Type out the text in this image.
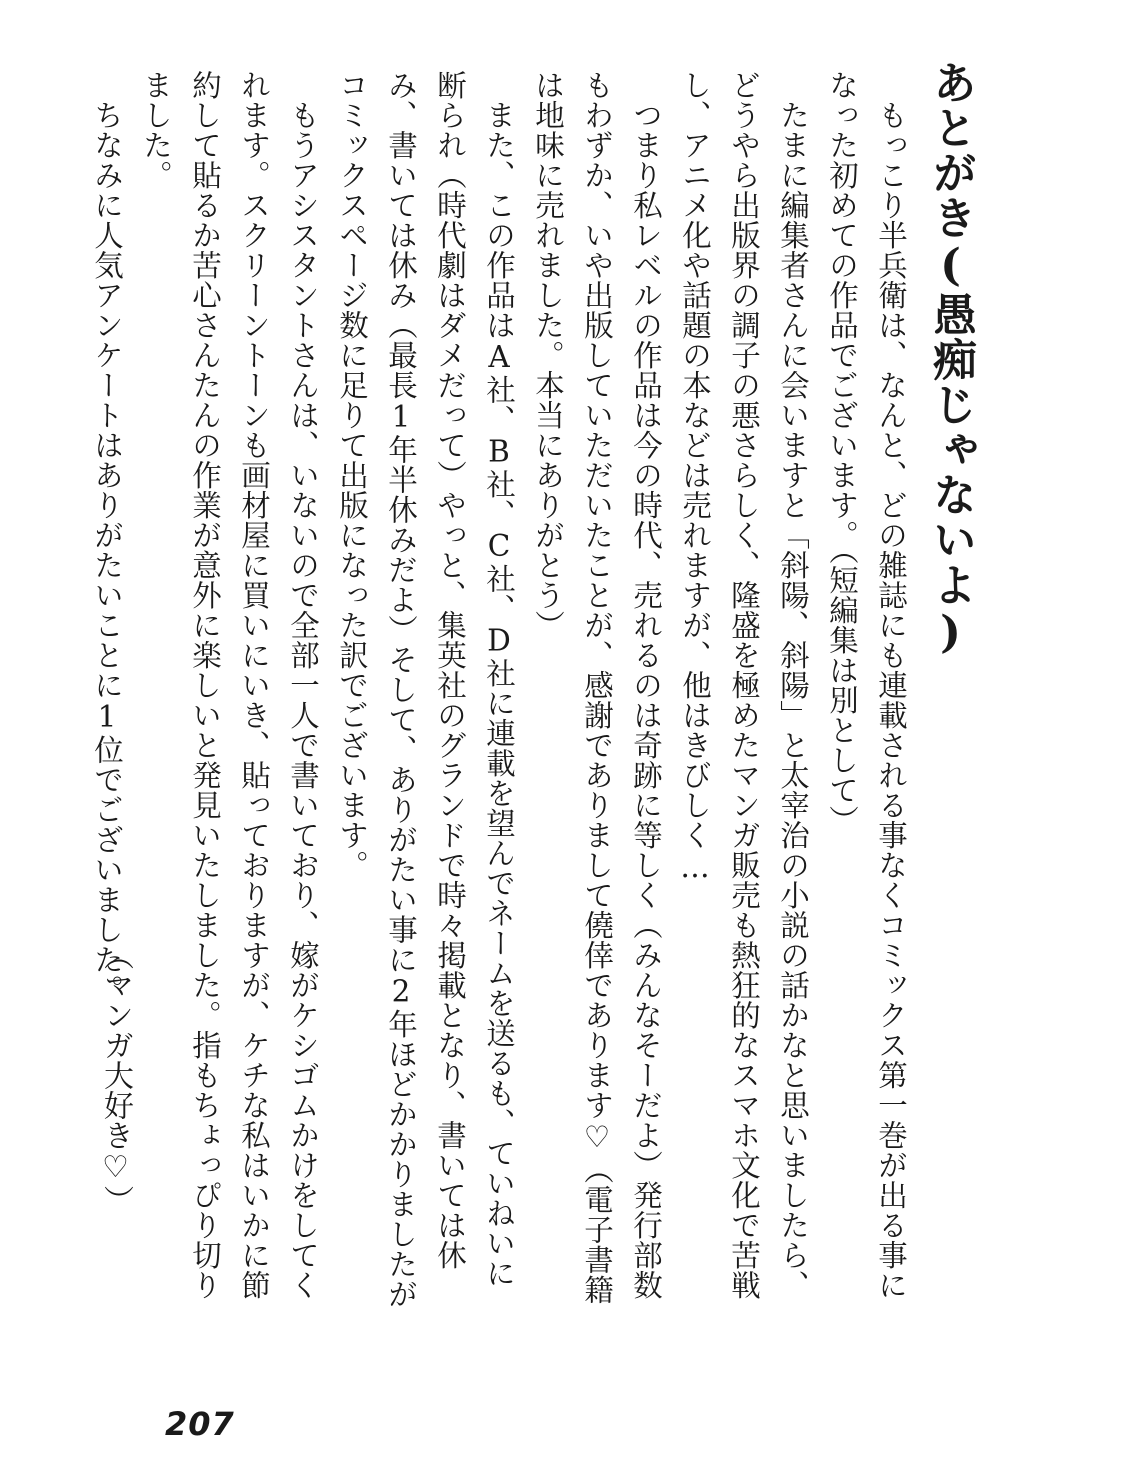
あとがき(愚痴じゃないよ)
　もっこり半兵衛は、なんと、どの雑誌にも連載される事なくコミックス第一巻が出る事になった初めての作品でございます。（短編集は別として）
　たまに編集者さんに会いますと「斜陽、斜陽」と太宰治の小説の話かなと思いましたら、どうやら出版界の調子の悪さらしく、隆盛を極めたマンガ販売も熱狂的なスマホ文化で苦戦し、アニメ化や話題の本などは売れますが、他はきびしく…
　つまり私レベルの作品は今の時代、売れるのは奇跡に等しく（みんなそーだよ）発行部数もわずか、いや出版していただいたことが、感謝でありまして僥倖であります♡（電子書籍は地味に売れました。本当にありがとう）
　また、この作品はA社、B社、C社、D社に連載を望んでネームを送るも、ていねいに断られ（時代劇はダメだって）やっと、集英社のグランドで時々掲載となり、書いては休み、書いては休み（最長1年半休みだよ）そして、ありがたい事に2年ほどかかりましたがコミックスページ数に足りて出版になった訳でございます。
　もうアシスタントさんは、いないので全部一人で書いており、嫁がケシゴムかけをしてくれます。スクリーントーンも画材屋に買いにいき、貼っておりますが、ケチな私はいかに節約して貼るか苦心さんたんの作業が意外に楽しいと発見いたしました。指もちょっぴり切りました。
　ちなみに人気アンケートはありがたいことに1位でございました。
（マンガ大好き♡）
207
